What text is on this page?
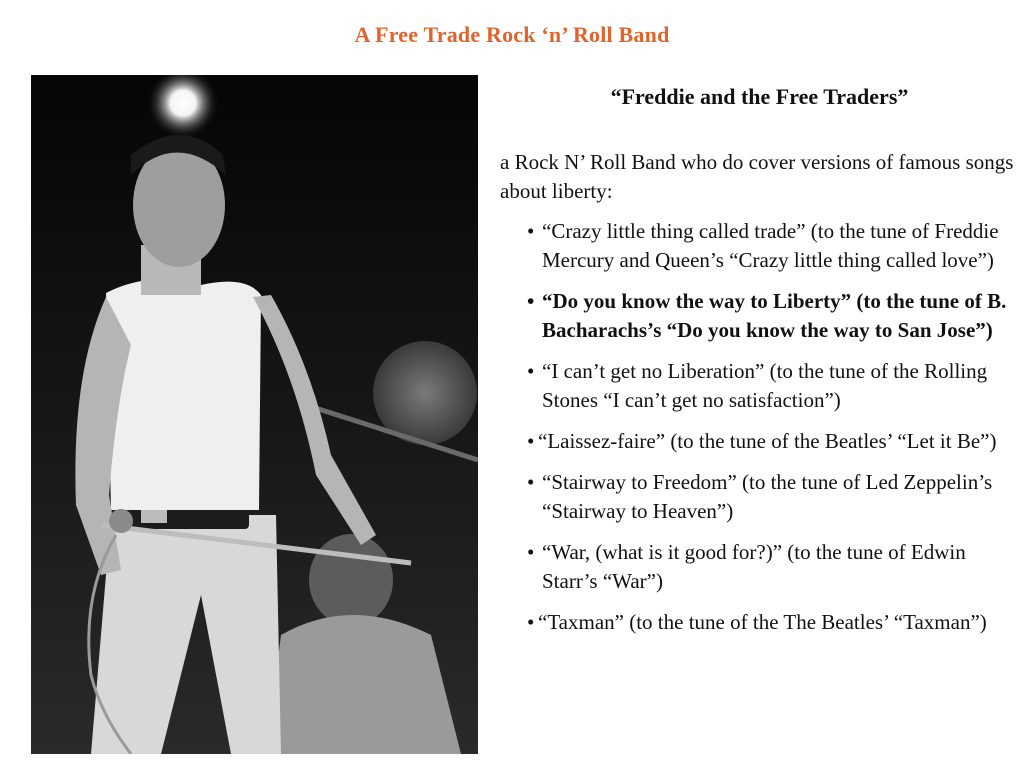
A Free Trade Rock ‘n’ Roll Band
“Freddie and the Free Traders”
a Rock N’ Roll Band who do cover versions of famous songs about liberty:
• “Crazy little thing called trade” (to the tune of Freddie Mercury and Queen’s “Crazy little thing called love”)
• “Do you know the way to Liberty” (to the tune of B. Bacharachs’s “Do you know the way to San Jose”)
• “I can’t get no Liberation” (to the tune of the Rolling Stones “I can’t get no satisfaction”)
• “Laissez-faire” (to the tune of the Beatles’ “Let it Be”)
• “Stairway to Freedom” (to the tune of Led Zeppelin’s “Stairway to Heaven”)
• “War, (what is it good for?)” (to the tune of Edwin Starr’s “War”)
• “Taxman” (to the tune of the The Beatles’ “Taxman”)
